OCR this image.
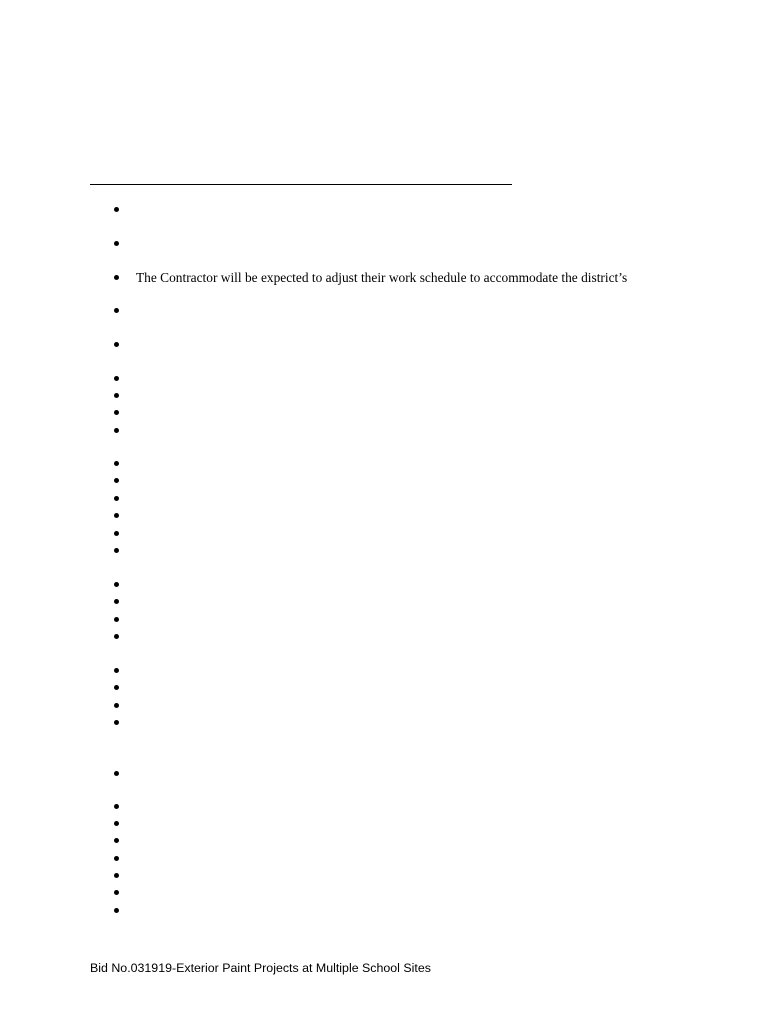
The Contractor will be expected to adjust their work schedule to accommodate the district’s
Bid No.031919-Exterior Paint Projects at Multiple School Sites
